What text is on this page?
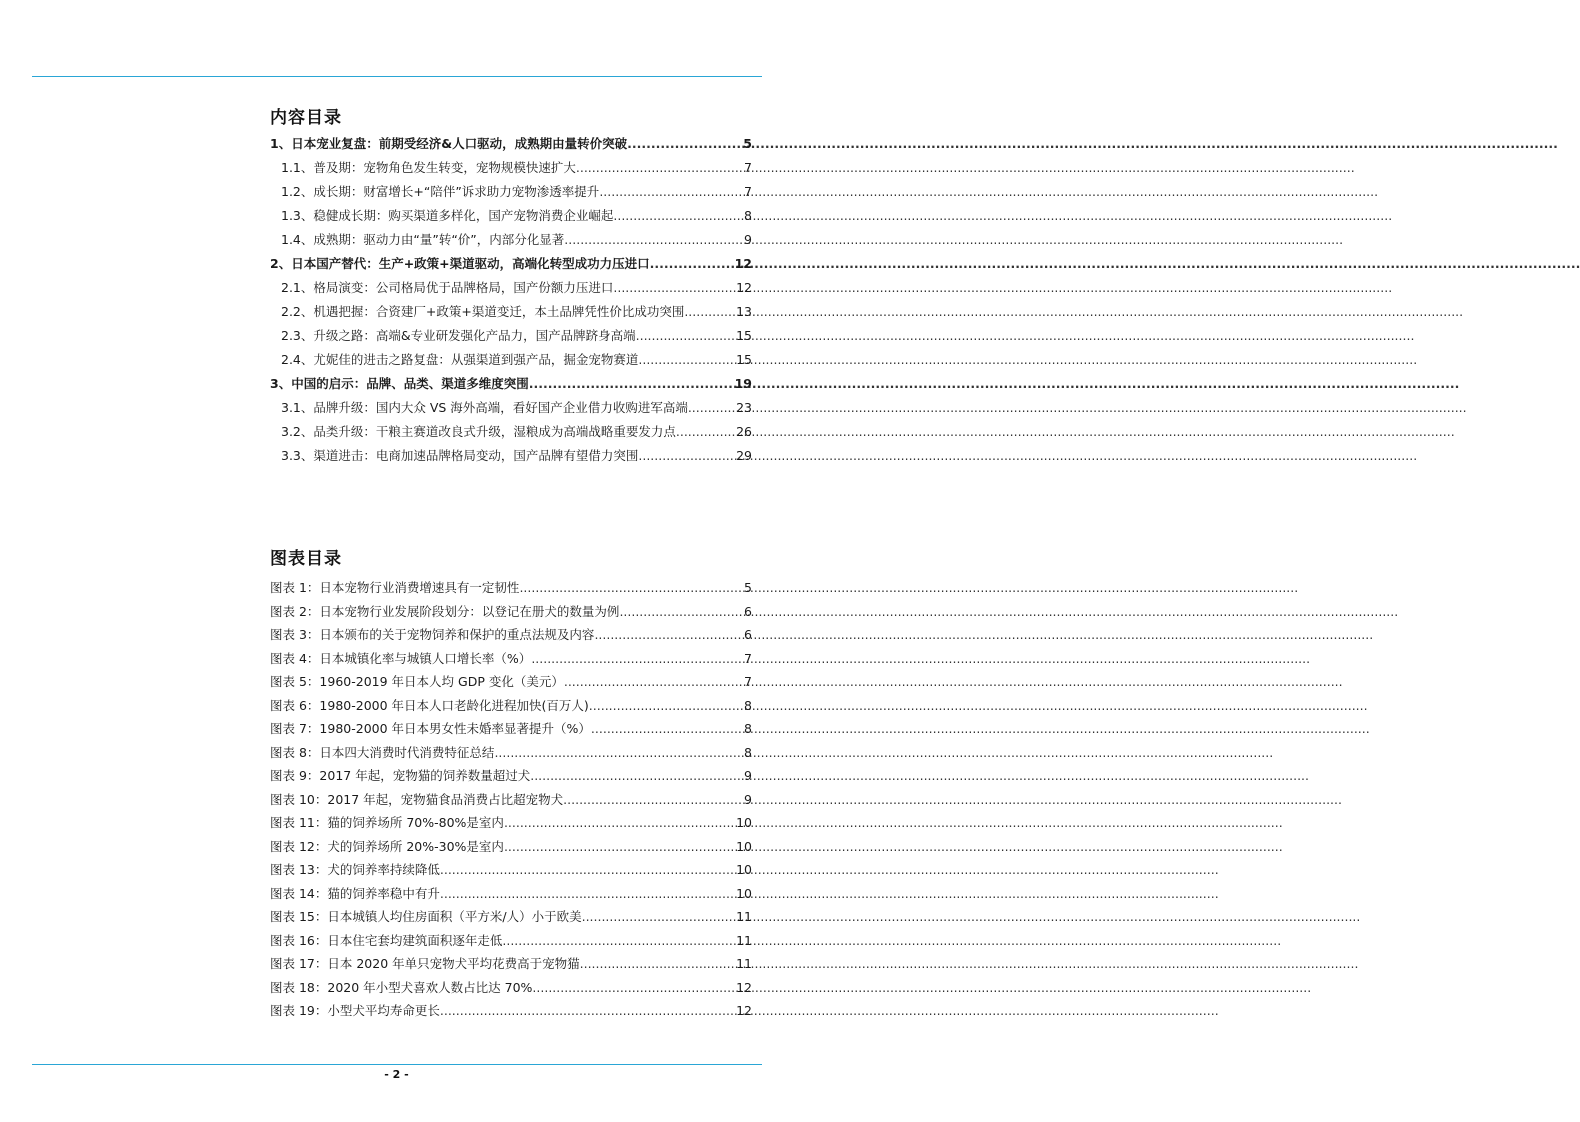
内容目录
1、日本宠业复盘：前期受经济&人口驱动，成熟期由量转价突破 .....	5
1.1、普及期：宠物角色发生转变，宠物规模快速扩大 .....	7
1.2、成长期：财富增长+“陪伴”诉求助力宠物渗透率提升 .....	7
1.3、稳健成长期：购买渠道多样化，国产宠物消费企业崛起 .....	8
1.4、成熟期：驱动力由“量”转“价”，内部分化显著 .....	9
2、日本国产替代：生产+政策+渠道驱动，高端化转型成功力压进口 .....	12
2.1、格局演变：公司格局优于品牌格局，国产份额力压进口 .....	12
2.2、机遇把握：合资建厂+政策+渠道变迁，本土品牌凭性价比成功突围 .....	13
2.3、升级之路：高端&专业研发强化产品力，国产品牌跻身高端 .....	15
2.4、尤妮佳的进击之路复盘：从强渠道到强产品，掘金宠物赛道 .....	15
3、中国的启示：品牌、品类、渠道多维度突围 .....	19
3.1、品牌升级：国内大众 VS 海外高端，看好国产企业借力收购进军高端 .....	23
3.2、品类升级：干粮主赛道改良式升级，湿粮成为高端战略重要发力点 .....	26
3.3、渠道进击：电商加速品牌格局变动，国产品牌有望借力突围 .....	29
图表目录
图表 1：日本宠物行业消费增速具有一定韧性 .....	5
图表 2：日本宠物行业发展阶段划分：以登记在册犬的数量为例 .....	6
图表 3：日本颁布的关于宠物饲养和保护的重点法规及内容 .....	6
图表 4：日本城镇化率与城镇人口增长率（%） .....	7
图表 5：1960-2019 年日本人均 GDP 变化（美元） .....	7
图表 6：1980-2000 年日本人口老龄化进程加快(百万人) .....	8
图表 7：1980-2000 年日本男女性未婚率显著提升（%） .....	8
图表 8：日本四大消费时代消费特征总结 .....	8
图表 9：2017 年起，宠物猫的饲养数量超过犬 .....	9
图表 10：2017 年起，宠物猫食品消费占比超宠物犬 .....	9
图表 11：猫的饲养场所 70%-80%是室内 .....	10
图表 12：犬的饲养场所 20%-30%是室内 .....	10
图表 13：犬的饲养率持续降低 .....	10
图表 14：猫的饲养率稳中有升 .....	10
图表 15：日本城镇人均住房面积（平方米/人）小于欧美 .....	11
图表 16：日本住宅套均建筑面积逐年走低 .....	11
图表 17：日本 2020 年单只宠物犬平均花费高于宠物猫 .....	11
图表 18：2020 年小型犬喜欢人数占比达 70% .....	12
图表 19：小型犬平均寿命更长 .....	12
- 2 -
